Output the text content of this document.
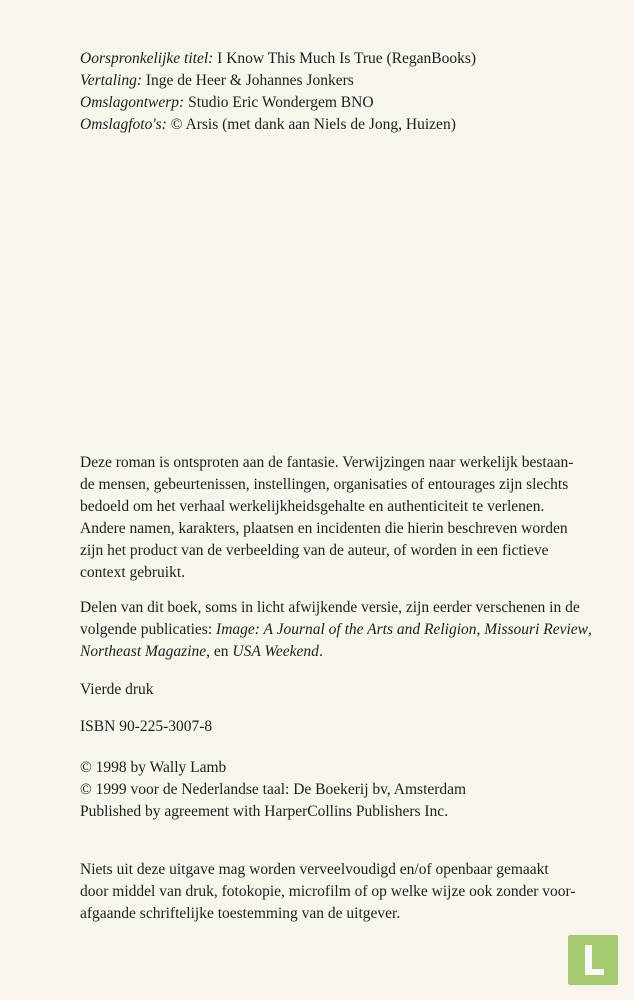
Oorspronkelijke titel: I Know This Much Is True (ReganBooks)
Vertaling: Inge de Heer & Johannes Jonkers
Omslagontwerp: Studio Eric Wondergem BNO
Omslagfoto's: © Arsis (met dank aan Niels de Jong, Huizen)
Deze roman is ontsproten aan de fantasie. Verwijzingen naar werkelijk bestaan-
de mensen, gebeurtenissen, instellingen, organisaties of entourages zijn slechts
bedoeld om het verhaal werkelijkheidsgehalte en authenticiteit te verlenen.
Andere namen, karakters, plaatsen en incidenten die hierin beschreven worden
zijn het product van de verbeelding van de auteur, of worden in een fictieve
context gebruikt.
Delen van dit boek, soms in licht afwijkende versie, zijn eerder verschenen in de
volgende publicaties: Image: A Journal of the Arts and Religion, Missouri Review,
Northeast Magazine, en USA Weekend.
Vierde druk
ISBN 90-225-3007-8
© 1998 by Wally Lamb
© 1999 voor de Nederlandse taal: De Boekerij bv, Amsterdam
Published by agreement with HarperCollins Publishers Inc.
Niets uit deze uitgave mag worden verveelvoudigd en/of openbaar gemaakt
door middel van druk, fotokopie, microfilm of op welke wijze ook zonder voor-
afgaande schriftelijke toestemming van de uitgever.
